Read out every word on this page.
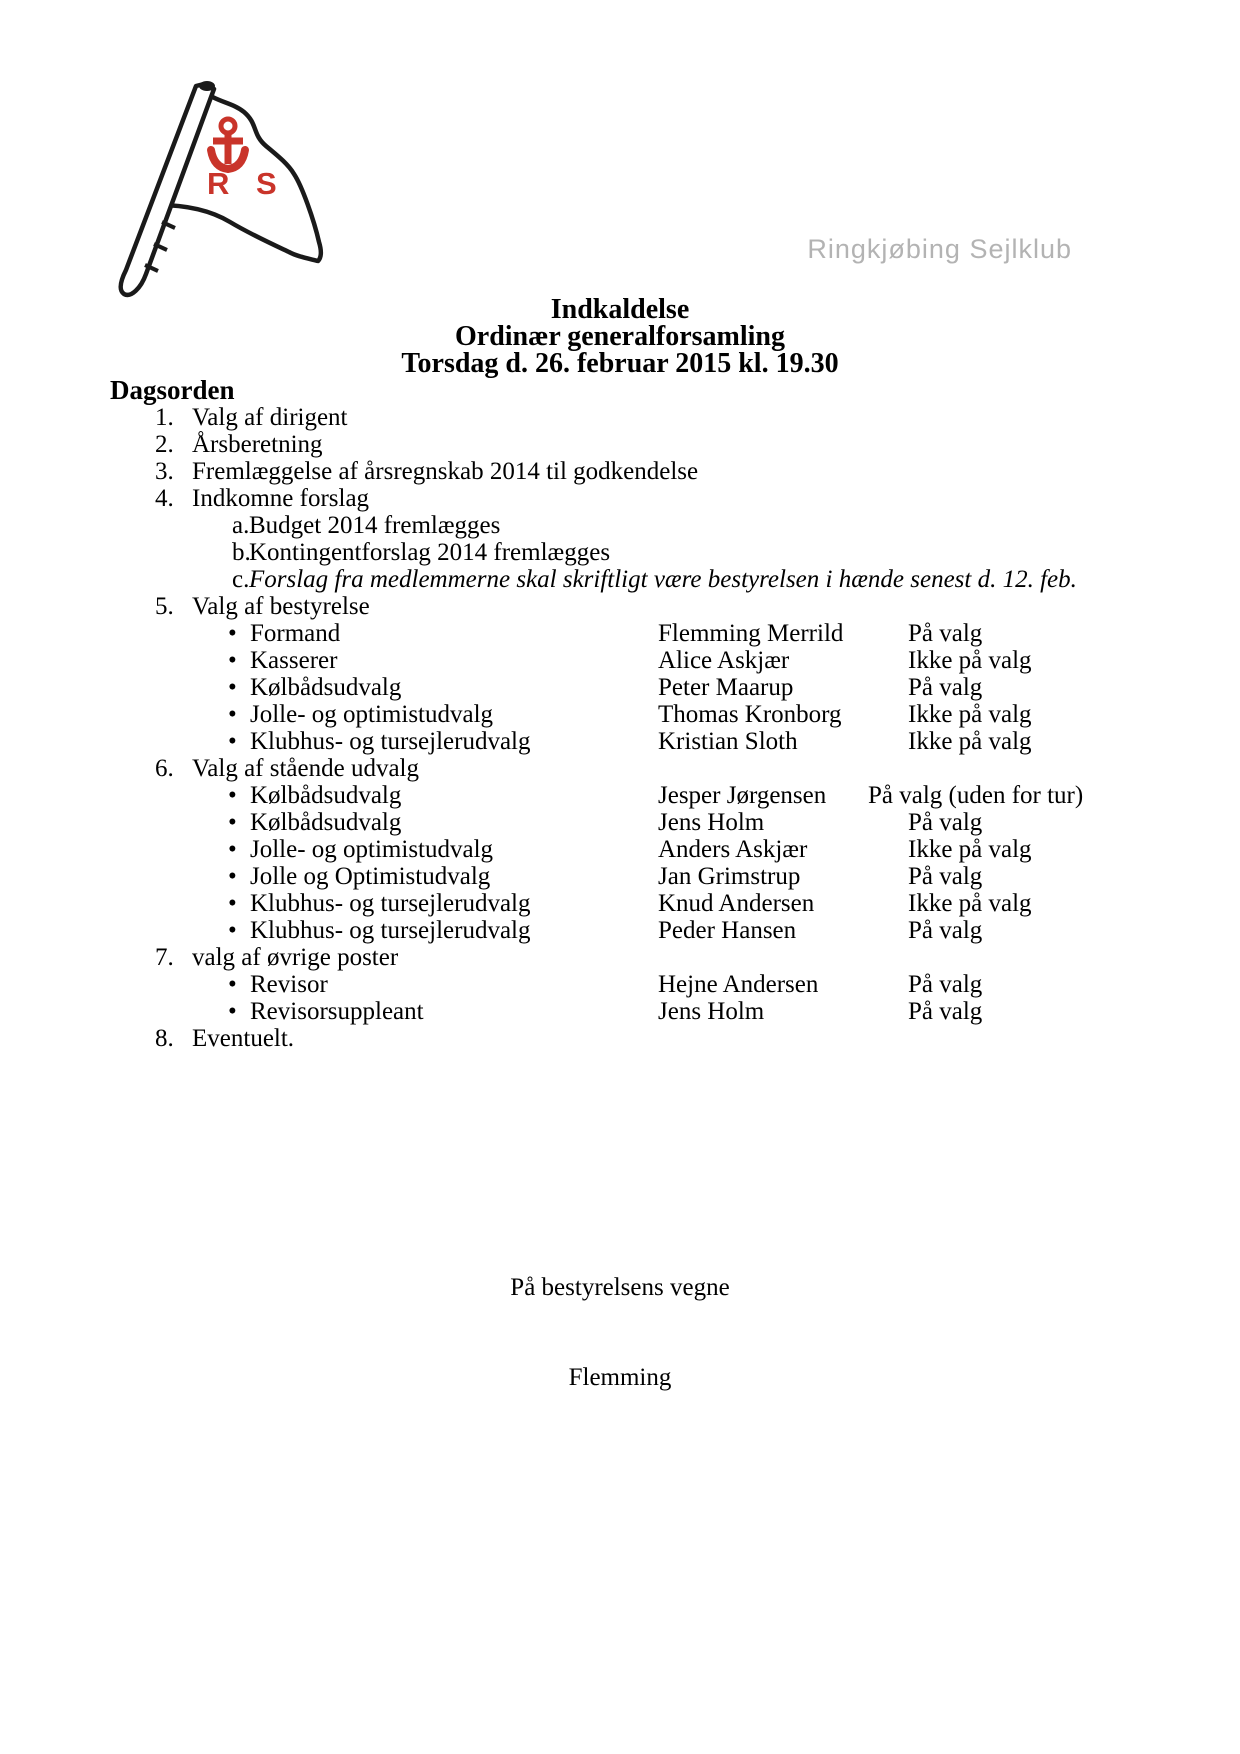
R S
Ringkjøbing Sejlklub
Indkaldelse
Ordinær generalforsamling
Torsdag d. 26. februar 2015 kl. 19.30
Dagsorden
1. Valg af dirigent
2. Årsberetning
3. Fremlæggelse af årsregnskab 2014 til godkendelse
4. Indkomne forslag
a. Budget 2014 fremlægges
b.
Kontingentforslag 2014 fremlægges
c. Forslag fra medlemmerne skal skriftligt være bestyrelsen i hænde senest d. 12. feb.
5. Valg af bestyrelse
•
Formand	Flemming Merrild	På valg
•
Kasserer	Alice Askjær	Ikke på valg
•
Kølbådsudvalg	Peter Maarup	På valg
•
Jolle- og optimistudvalg	Thomas Kronborg	Ikke på valg
•
Klubhus- og tursejlerudvalg	Kristian Sloth	Ikke på valg
6. Valg af stående udvalg
•
Kølbådsudvalg	Jesper Jørgensen	På valg (uden for tur)
•
Kølbådsudvalg	Jens Holm	På valg
•
Jolle- og optimistudvalg	Anders Askjær	Ikke på valg
•
Jolle og Optimistudvalg	Jan Grimstrup	På valg
•
Klubhus- og tursejlerudvalg	Knud Andersen	Ikke på valg
•
Klubhus- og tursejlerudvalg	Peder Hansen	På valg
7. valg af øvrige poster
•
Revisor	Hejne Andersen	På valg
•
Revisorsuppleant	Jens Holm	På valg
8. Eventuelt.
På bestyrelsens vegne
Flemming
